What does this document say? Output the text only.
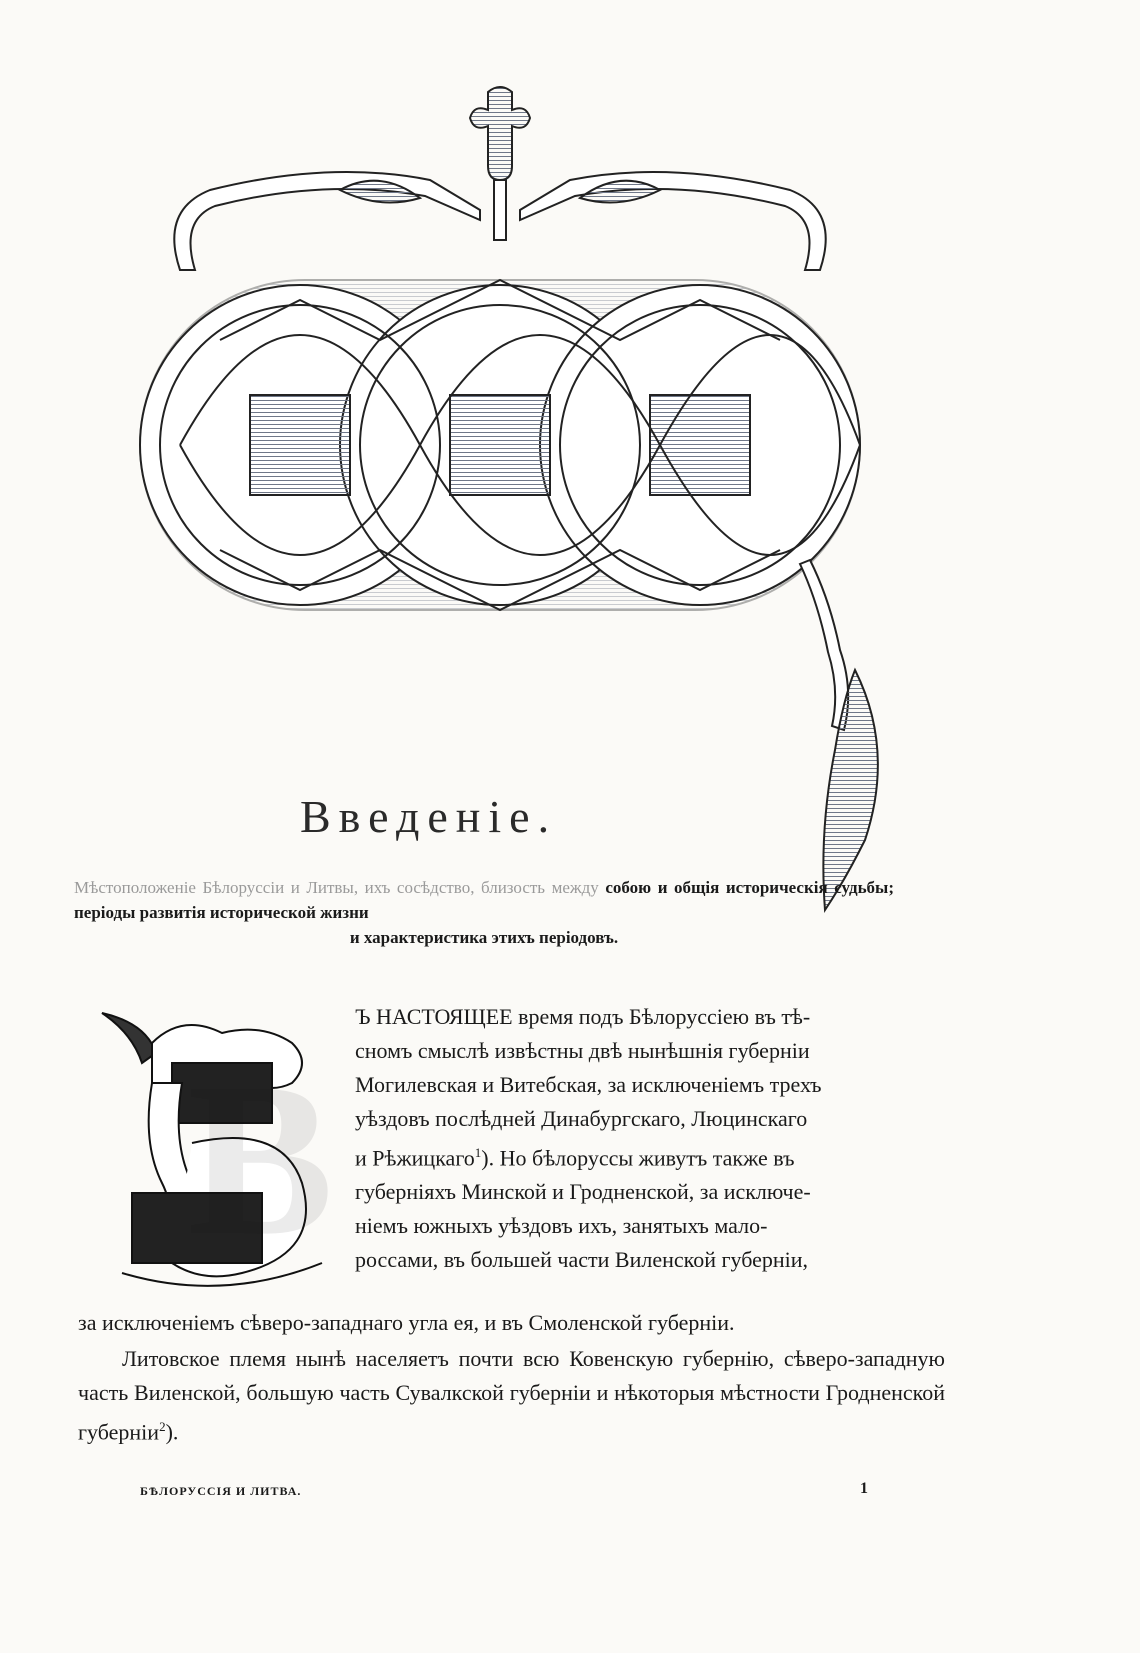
Введенiе.

Мѣстоположенiе Бѣлоруссiи и Литвы, ихъ сосѣдство, близость между собою и общiя историческiя судьбы; перiоды развитiя исторической жизни
и характеристика этихъ перiодовъ.

В

Ъ НАСТОЯЩЕЕ время подъ Бѣлоруссiею въ тѣ-

сномъ смыслѣ извѣстны двѣ нынѣшнiя губернiи

Могилевская и Витебская, за исключенiемъ трехъ

уѣздовъ послѣдней Динабургскаго, Люцинскаго

и Рѣжицкаго$^1$). Но бѣлоруссы живутъ также въ

губернiяхъ Минской и Гродненской, за исключе-

нiемъ южныхъ уѣздовъ ихъ, занятыхъ мало-

россами, въ большей части Виленской губернiи,

за исключенiемъ сѣверо-западнаго угла ея, и въ Смоленской губернiи.

Литовское племя нынѣ населяетъ почти всю Ковенскую губернiю, сѣверо-западную часть Виленской, большую часть Сувалкской губернiи и нѣкоторыя мѣстности Гродненской губернiи$^2$).

БѢЛОРУССIЯ И ЛИТВА.	1
